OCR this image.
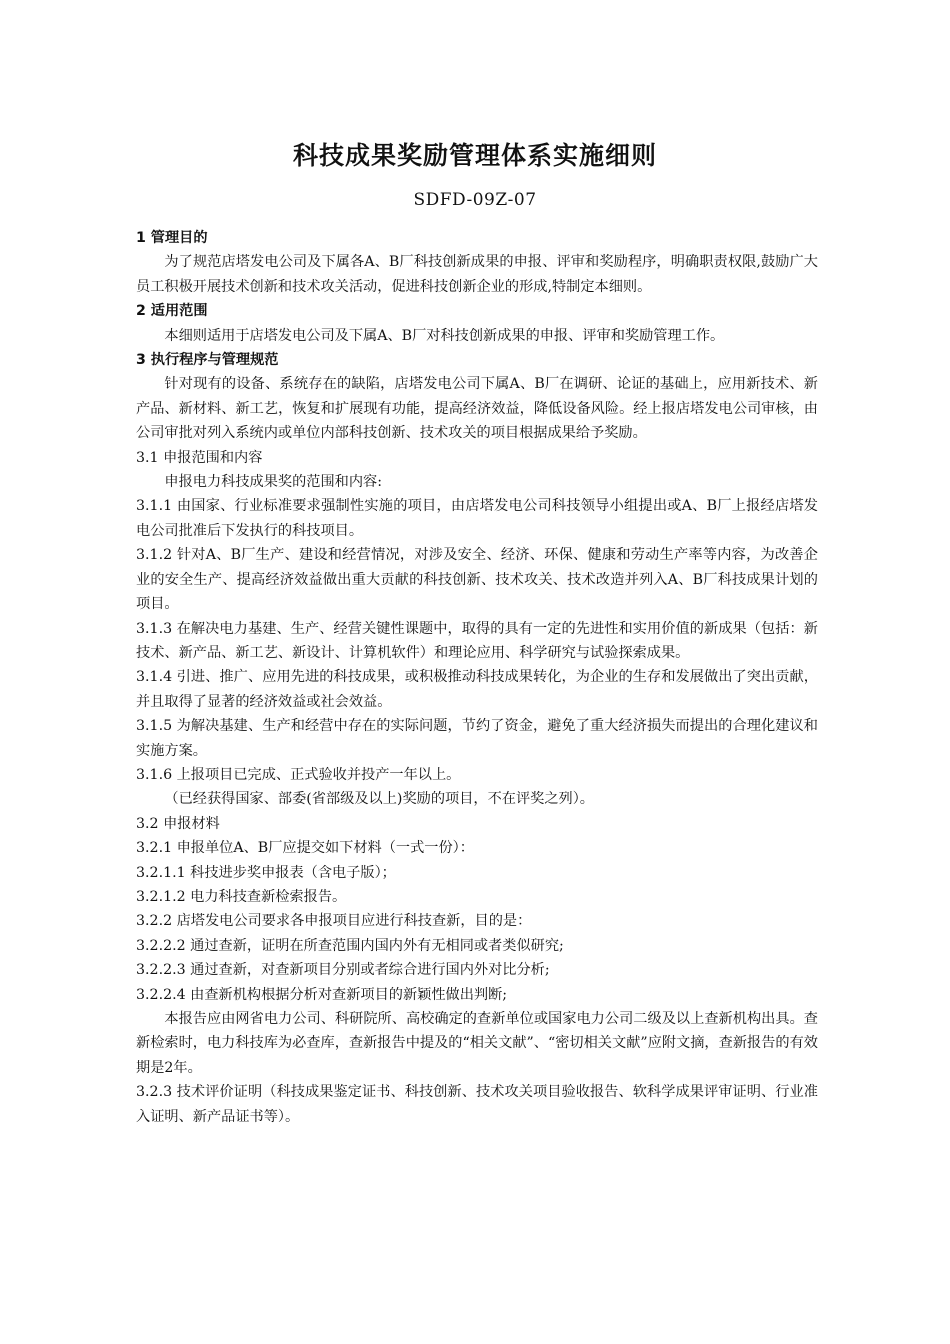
科技成果奖励管理体系实施细则
SDFD-09Z-07

1 管理目的

为了规范店塔发电公司及下属各A、B厂科技创新成果的申报、评审和奖励程序，明确职责权限,鼓励广大员工积极开展技术创新和技术攻关活动，促进科技创新企业的形成,特制定本细则。

2 适用范围

本细则适用于店塔发电公司及下属A、B厂对科技创新成果的申报、评审和奖励管理工作。

3 执行程序与管理规范

针对现有的设备、系统存在的缺陷，店塔发电公司下属A、B厂在调研、论证的基础上，应用新技术、新产品、新材料、新工艺，恢复和扩展现有功能，提高经济效益，降低设备风险。经上报店塔发电公司审核，由公司审批对列入系统内或单位内部科技创新、技术攻关的项目根据成果给予奖励。

3.1 申报范围和内容

申报电力科技成果奖的范围和内容:

3.1.1 由国家、行业标准要求强制性实施的项目，由店塔发电公司科技领导小组提出或A、B厂上报经店塔发电公司批准后下发执行的科技项目。

3.1.2 针对A、B厂生产、建设和经营情况，对涉及安全、经济、环保、健康和劳动生产率等内容，为改善企业的安全生产、提高经济效益做出重大贡献的科技创新、技术攻关、技术改造并列入A、B厂科技成果计划的项目。

3.1.3 在解决电力基建、生产、经营关键性课题中，取得的具有一定的先进性和实用价值的新成果（包括：新技术、新产品、新工艺、新设计、计算机软件）和理论应用、科学研究与试验探索成果。

3.1.4 引进、推广、应用先进的科技成果，或积极推动科技成果转化，为企业的生存和发展做出了突出贡献，并且取得了显著的经济效益或社会效益。

3.1.5 为解决基建、生产和经营中存在的实际问题，节约了资金，避免了重大经济损失而提出的合理化建议和实施方案。

3.1.6 上报项目已完成、正式验收并投产一年以上。

（已经获得国家、部委(省部级及以上)奖励的项目，不在评奖之列）。

3.2 申报材料

3.2.1 申报单位A、B厂应提交如下材料（一式一份）：

3.2.1.1 科技进步奖申报表（含电子版）；

3.2.1.2 电力科技查新检索报告。

3.2.2 店塔发电公司要求各申报项目应进行科技查新，目的是：

3.2.2.2 通过查新，证明在所查范围内国内外有无相同或者类似研究;

3.2.2.3 通过查新，对查新项目分别或者综合进行国内外对比分析;

3.2.2.4 由查新机构根据分析对查新项目的新颖性做出判断;

本报告应由网省电力公司、科研院所、高校确定的查新单位或国家电力公司二级及以上查新机构出具。查新检索时，电力科技库为必查库，查新报告中提及的“相关文献”、“密切相关文献”应附文摘，查新报告的有效期是2年。

3.2.3 技术评价证明（科技成果鉴定证书、科技创新、技术攻关项目验收报告、软科学成果评审证明、行业准入证明、新产品证书等）。
